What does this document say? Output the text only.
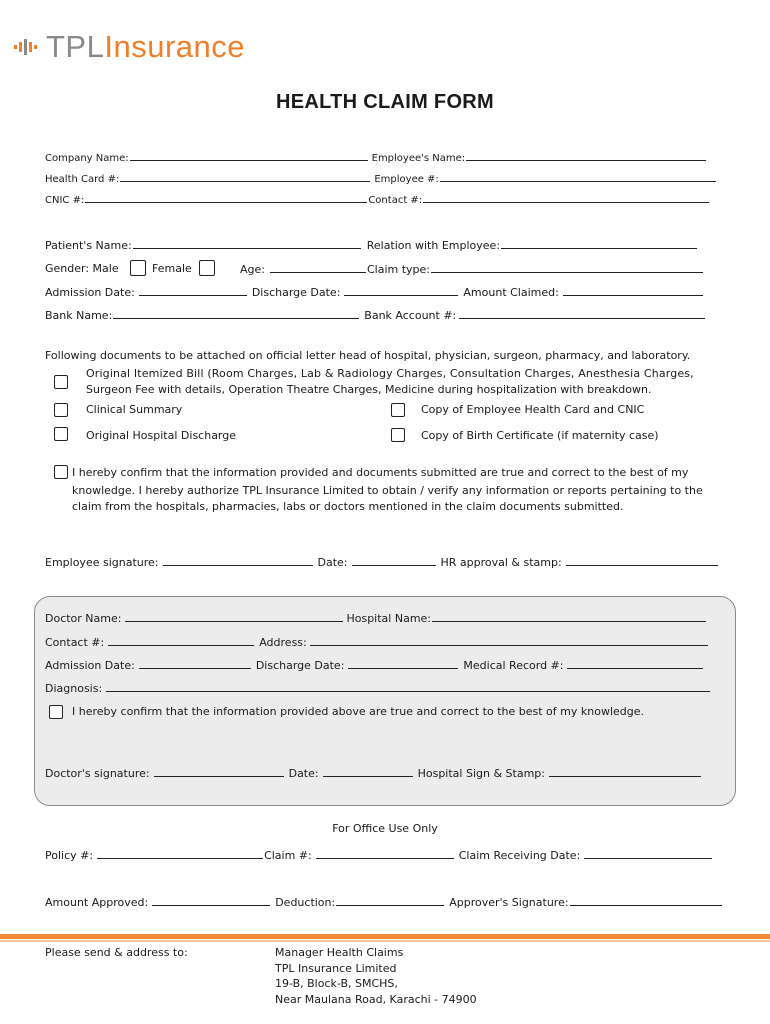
TPLInsurance
HEALTH CLAIM FORM
Company Name:	Employee's Name:
Health Card #:	Employee #:
CNIC #:	Contact #:
Patient's Name:	Relation with Employee:
Gender: Male	Female	Age:	Claim type:
Admission Date:	Discharge Date:	Amount Claimed:
Bank Name:	Bank Account #:
Following documents to be attached on official letter head of hospital, physician, surgeon, pharmacy, and laboratory.
Original Itemized Bill (Room Charges, Lab & Radiology Charges, Consultation Charges, Anesthesia Charges,
Surgeon Fee with details, Operation Theatre Charges, Medicine during hospitalization with breakdown.
Clinical Summary	Copy of Employee Health Card and CNIC
Original Hospital Discharge	Copy of Birth Certificate (if maternity case)
I hereby confirm that the information provided and documents submitted are true and correct to the best of my
knowledge. I hereby authorize TPL Insurance Limited to obtain / verify any information or reports pertaining to the
claim from the hospitals, pharmacies, labs or doctors mentioned in the claim documents submitted.
Employee signature:	Date:	HR approval & stamp:
Doctor Name:	Hospital Name:
Contact #:	Address:
Admission Date:	Discharge Date:	Medical Record #:
Diagnosis:
I hereby confirm that the information provided above are true and correct to the best of my knowledge.
Doctor's signature:	Date:	Hospital Sign & Stamp:
For Office Use Only
Policy #:	Claim #:	Claim Receiving Date:
Amount Approved:	Deduction:	Approver's Signature:
Please send & address to:	Manager Health Claims
TPL Insurance Limited
19-B, Block-B, SMCHS,
Near Maulana Road, Karachi - 74900
